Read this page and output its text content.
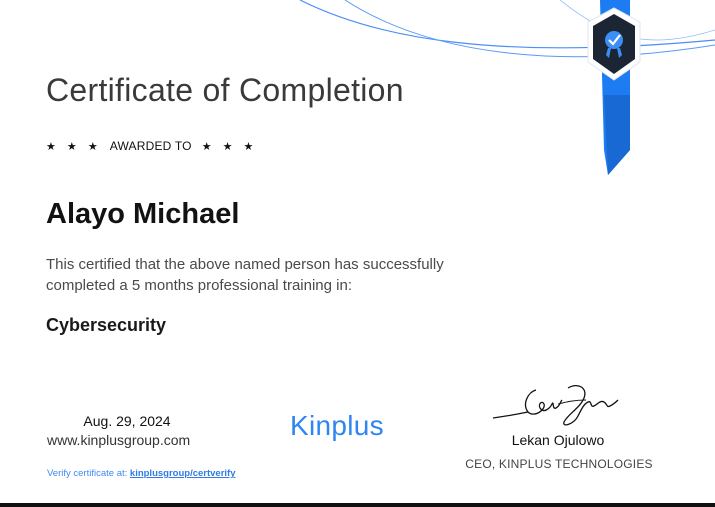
Certificate of Completion
★ ★ ★ AWARDED TO ★ ★ ★
Alayo Michael
This certified that the above named person has successfully completed a 5 months professional training in:
Cybersecurity
Aug. 29, 2024
www.kinplusgroup.com
Verify certificate at: kinplusgroup/certverify
Kinplus	Lekan Ojulowo
CEO, KINPLUS TECHNOLOGIES
